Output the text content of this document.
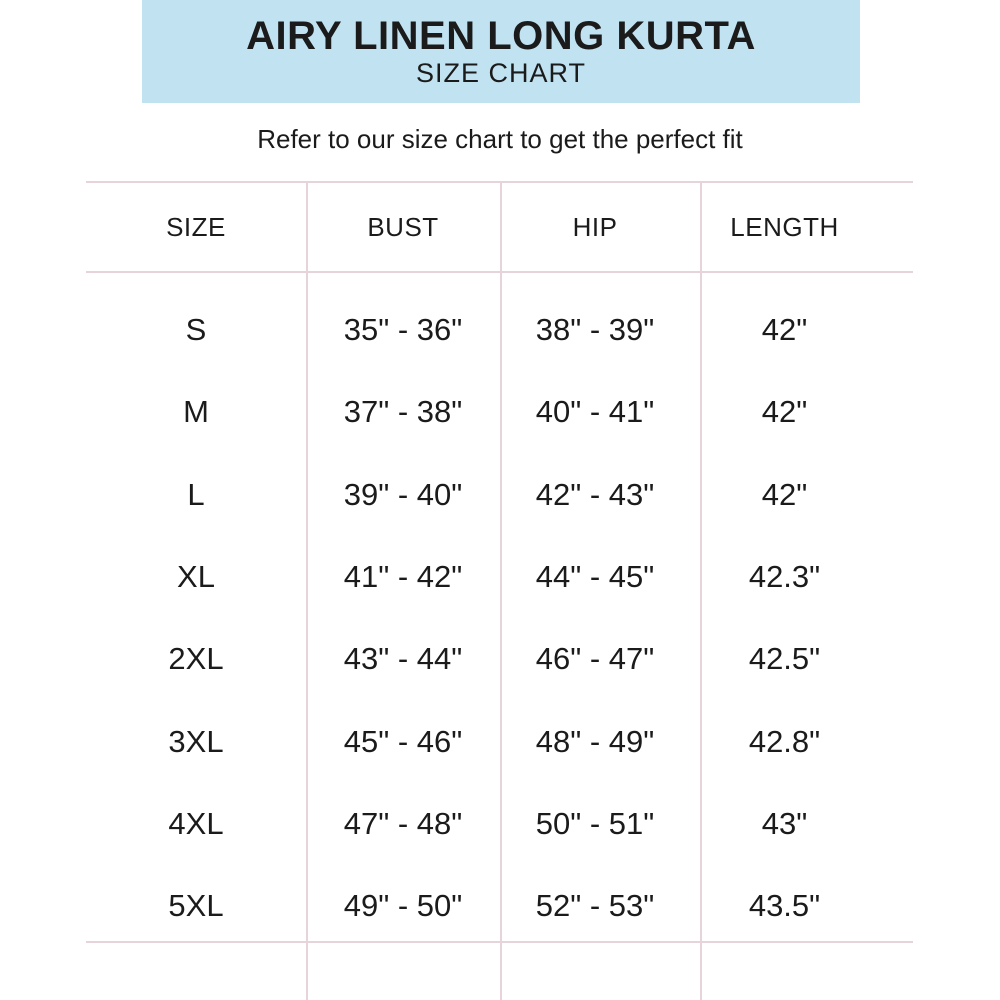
AIRY LINEN LONG KURTA
SIZE CHART
Refer to our size chart to get the perfect fit
SIZE	BUST	HIP	LENGTH
S	35" - 36"	38" - 39"	42"
M	37" - 38"	40" - 41"	42"
L	39" - 40"	42" - 43"	42"
XL	41" - 42"	44" - 45"	42.3"
2XL	43" - 44"	46" - 47"	42.5"
3XL	45" - 46"	48" - 49"	42.8"
4XL	47" - 48"	50" - 51"	43"
5XL	49" - 50"	52" - 53"	43.5"
